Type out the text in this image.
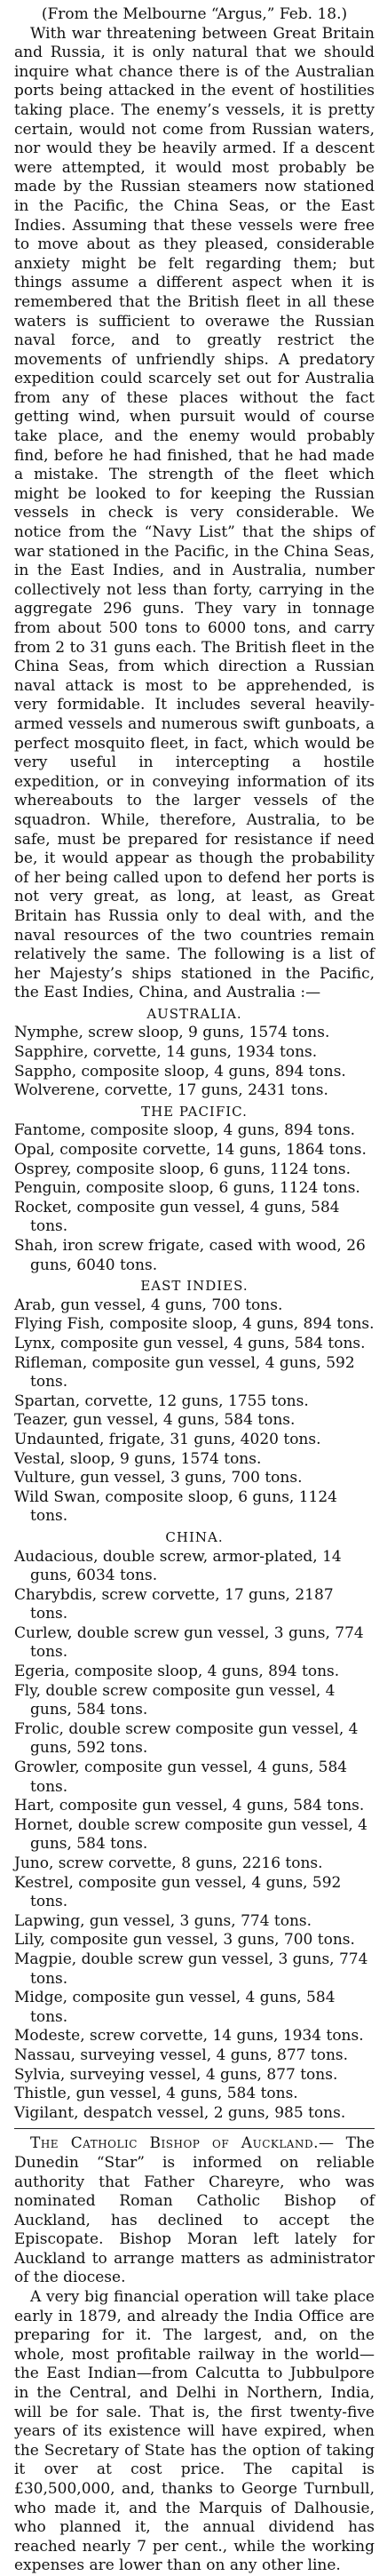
(From the Melbourne “Argus,” Feb. 18.)

With war threatening between Great Britain and Russia, it is only natural that we should inquire what chance there is of the Australian ports being attacked in the event of hostilities taking place. The enemy’s vessels, it is pretty certain, would not come from Russian waters, nor would they be heavily armed. If a descent were attempted, it would most probably be made by the Russian steamers now stationed in the Pacific, the China Seas, or the East Indies. Assuming that these vessels were free to move about as they pleased, considerable anxiety might be felt regarding them; but things assume a different aspect when it is remembered that the British fleet in all these waters is sufficient to overawe the Russian naval force, and to greatly restrict the movements of unfriendly ships. A predatory expedition could scarcely set out for Australia from any of these places without the fact getting wind, when pursuit would of course take place, and the enemy would probably find, before he had finished, that he had made a mistake. The strength of the fleet which might be looked to for keeping the Russian vessels in check is very considerable. We notice from the “Navy List” that the ships of war stationed in the Pacific, in the China Seas, in the East Indies, and in Australia, number collectively not less than forty, carrying in the aggregate 296 guns. They vary in tonnage from about 500 tons to 6000 tons, and carry from 2 to 31 guns each. The British fleet in the China Seas, from which direction a Russian naval attack is most to be apprehended, is very formidable. It includes several heavily-armed vessels and numerous swift gunboats, a perfect mosquito fleet, in fact, which would be very useful in intercepting a hostile expedition, or in conveying information of its whereabouts to the larger vessels of the squadron. While, therefore, Australia, to be safe, must be prepared for resistance if need be, it would appear as though the probability of her being called upon to defend her ports is not very great, as long, at least, as Great Britain has Russia only to deal with, and the naval resources of the two countries remain relatively the same. The following is a list of her Majesty’s ships stationed in the Pacific, the East Indies, China, and Australia :—

AUSTRALIA.
Nymphe, screw sloop, 9 guns, 1574 tons.
Sapphire, corvette, 14 guns, 1934 tons.
Sappho, composite sloop, 4 guns, 894 tons.
Wolverene, corvette, 17 guns, 2431 tons.
THE PACIFIC.
Fantome, composite sloop, 4 guns, 894 tons.
Opal, composite corvette, 14 guns, 1864 tons.
Osprey, composite sloop, 6 guns, 1124 tons.
Penguin, composite sloop, 6 guns, 1124 tons.
Rocket, composite gun vessel, 4 guns, 584 tons.
Shah, iron screw frigate, cased with wood, 26 guns, 6040 tons.
EAST INDIES.
Arab, gun vessel, 4 guns, 700 tons.
Flying Fish, composite sloop, 4 guns, 894 tons.
Lynx, composite gun vessel, 4 guns, 584 tons.
Rifleman, composite gun vessel, 4 guns, 592 tons.
Spartan, corvette, 12 guns, 1755 tons.
Teazer, gun vessel, 4 guns, 584 tons.
Undaunted, frigate, 31 guns, 4020 tons.
Vestal, sloop, 9 guns, 1574 tons.
Vulture, gun vessel, 3 guns, 700 tons.
Wild Swan, composite sloop, 6 guns, 1124 tons.
CHINA.
Audacious, double screw, armor-plated, 14 guns, 6034 tons.
Charybdis, screw corvette, 17 guns, 2187 tons.
Curlew, double screw gun vessel, 3 guns, 774 tons.
Egeria, composite sloop, 4 guns, 894 tons.
Fly, double screw composite gun vessel, 4 guns, 584 tons.
Frolic, double screw composite gun vessel, 4 guns, 592 tons.
Growler, composite gun vessel, 4 guns, 584 tons.
Hart, composite gun vessel, 4 guns, 584 tons.
Hornet, double screw composite gun vessel, 4 guns, 584 tons.
Juno, screw corvette, 8 guns, 2216 tons.
Kestrel, composite gun vessel, 4 guns, 592 tons.
Lapwing, gun vessel, 3 guns, 774 tons.
Lily, composite gun vessel, 3 guns, 700 tons.
Magpie, double screw gun vessel, 3 guns, 774 tons.
Midge, composite gun vessel, 4 guns, 584 tons.
Modeste, screw corvette, 14 guns, 1934 tons.
Nassau, surveying vessel, 4 guns, 877 tons.
Sylvia, surveying vessel, 4 guns, 877 tons.
Thistle, gun vessel, 4 guns, 584 tons.
Vigilant, despatch vessel, 2 guns, 985 tons.

The Catholic Bishop of Auckland.— The Dunedin “Star” is informed on reliable authority that Father Chareyre, who was nominated Roman Catholic Bishop of Auckland, has declined to accept the Episcopate. Bishop Moran left lately for Auckland to arrange matters as administrator of the diocese.

A very big financial operation will take place early in 1879, and already the India Office are preparing for it. The largest, and, on the whole, most profitable railway in the world—the East Indian—from Calcutta to Jubbulpore in the Central, and Delhi in Northern, India, will be for sale. That is, the first twenty-five years of its existence will have expired, when the Secretary of State has the option of taking it over at cost price. The capital is £30,500,000, and, thanks to George Turnbull, who made it, and the Marquis of Dalhousie, who planned it, the annual dividend has reached nearly 7 per cent., while the working expenses are lower than on any other line.
